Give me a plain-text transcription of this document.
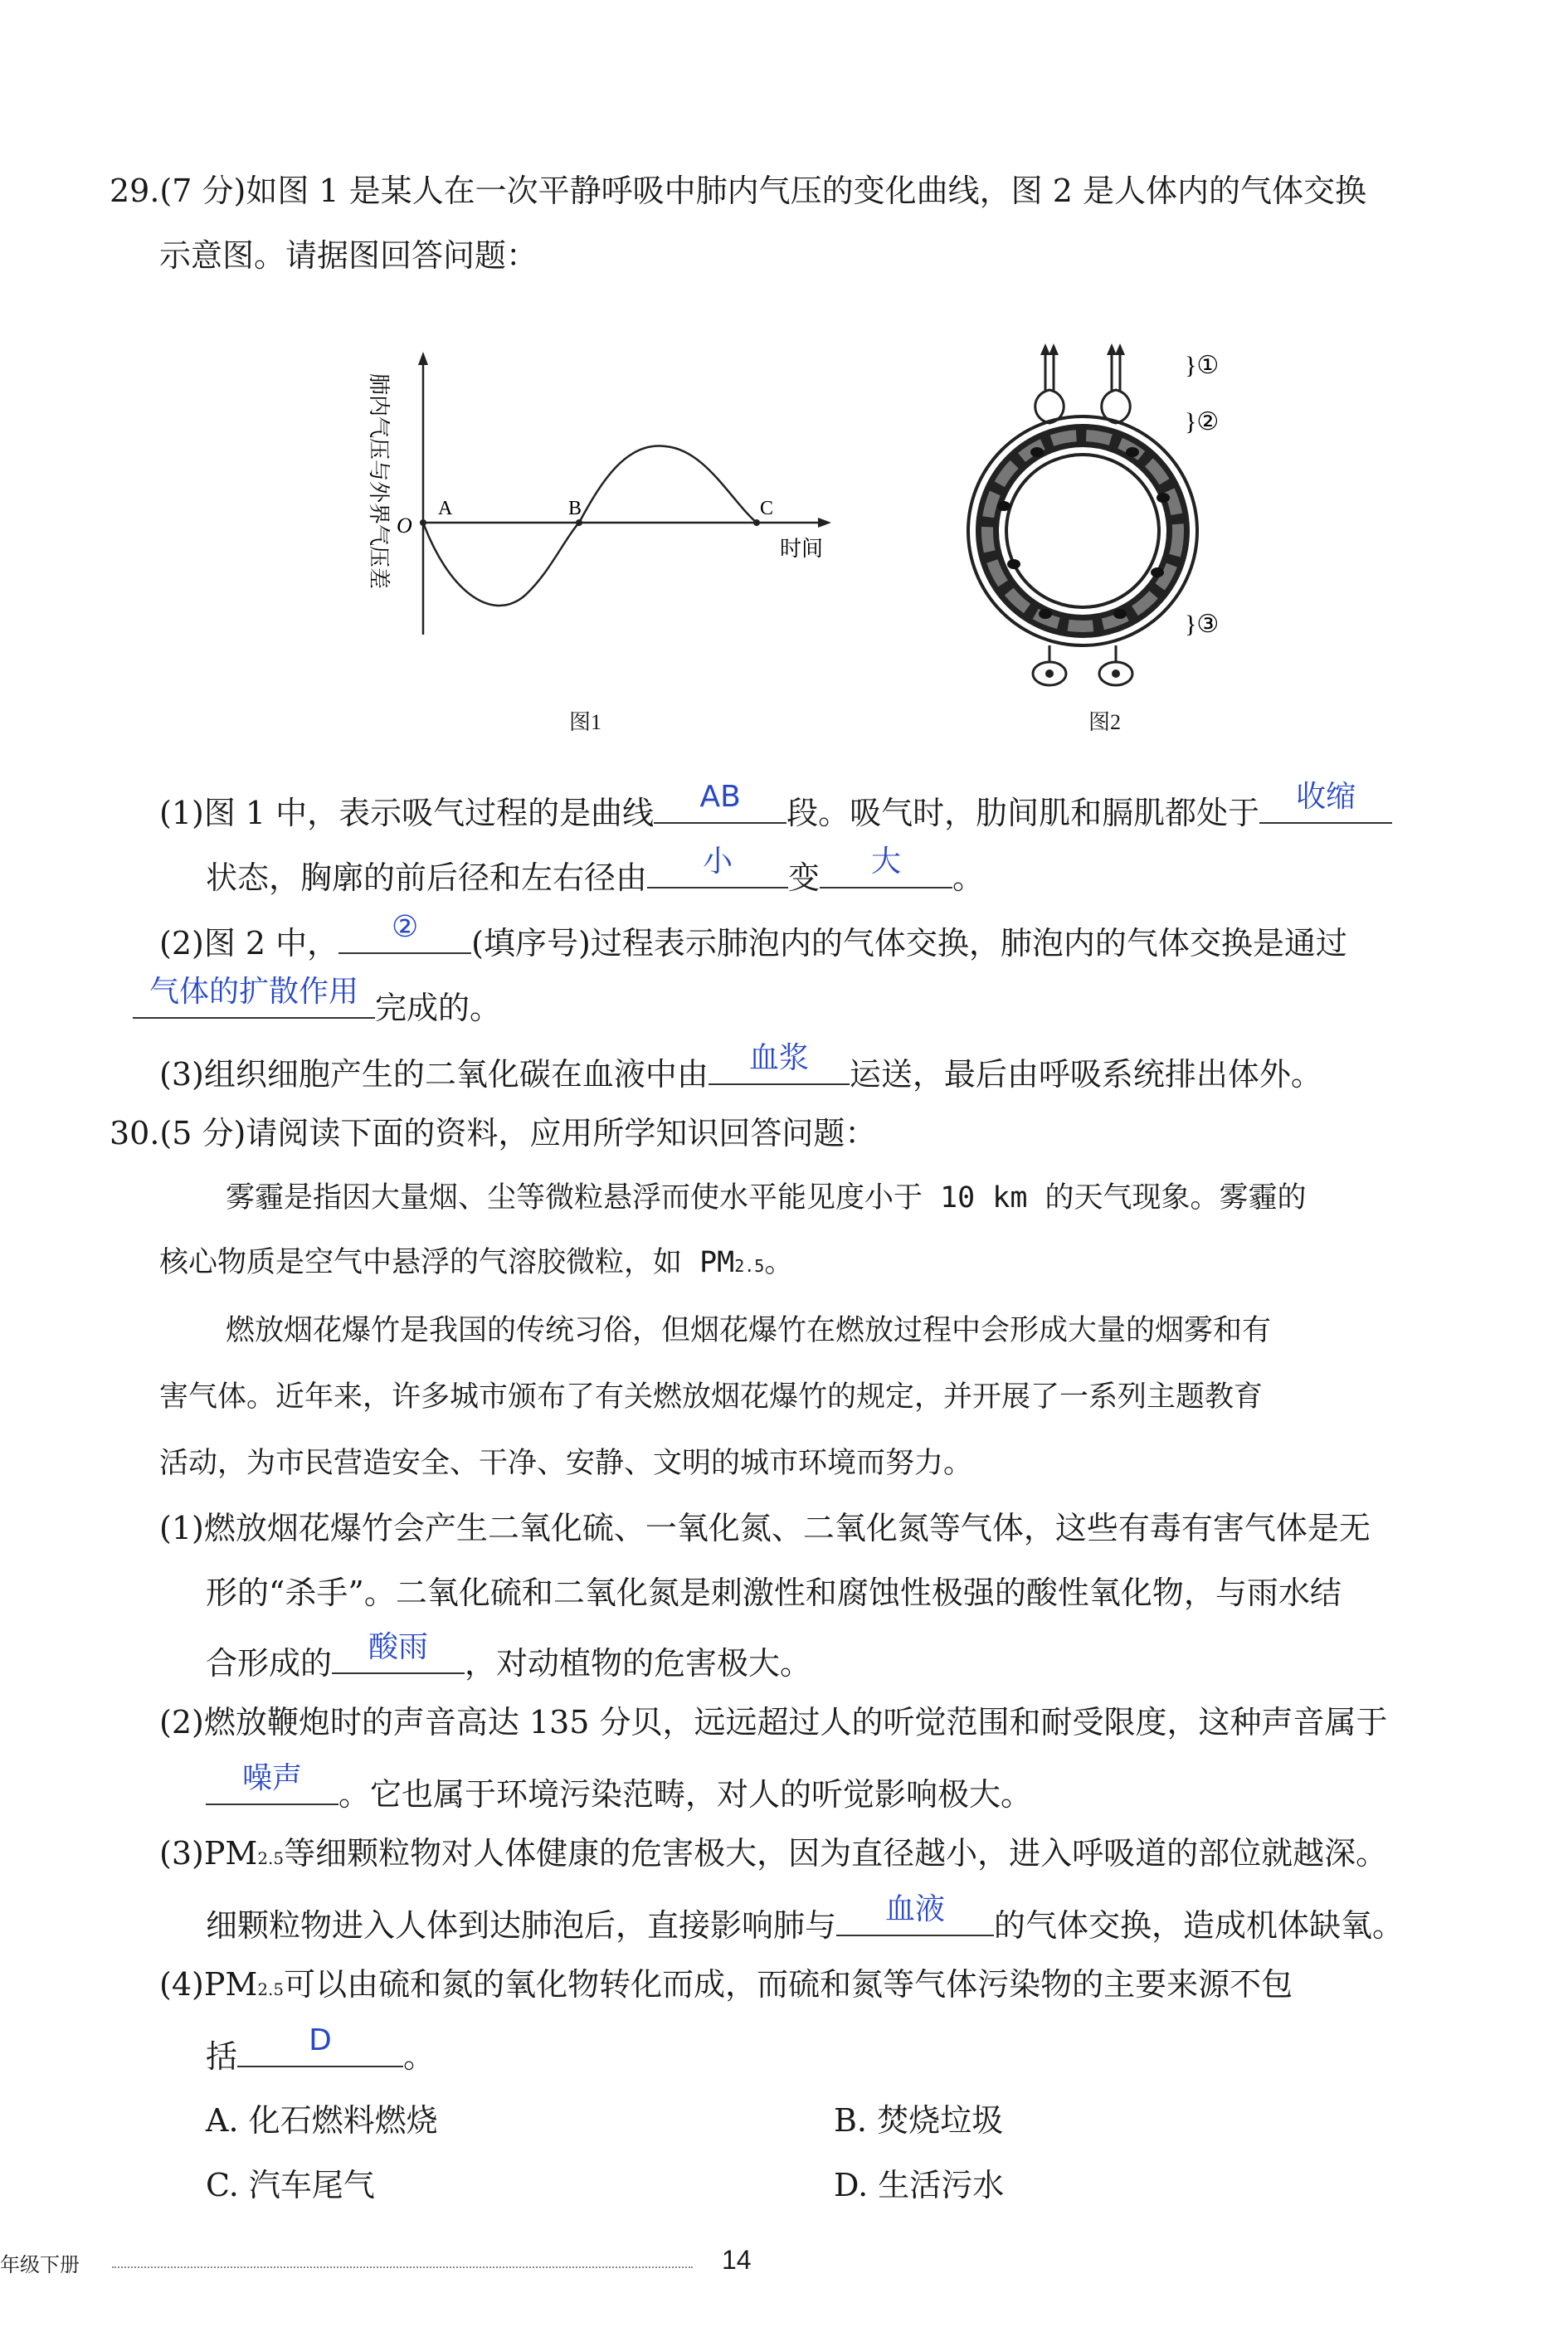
29.(7 分)如图 1 是某人在一次平静呼吸中肺内气压的变化曲线，图 2 是人体内的气体交换
示意图。请据图回答问题：
O
A	B	C
时间
肺内气压与外界气压差
图1
}①
}②
}③
图2
(1)图 1 中，表示吸气过程的是曲线	AB	段。吸气时，肋间肌和膈肌都处于	收缩
状态，胸廓的前后径和左右径由	小	变	大	。
(2)图 2 中，	②	(填序号)过程表示肺泡内的气体交换，肺泡内的气体交换是通过
气体的扩散作用 完成的。
(3)组织细胞产生的二氧化碳在血液中由	血浆	运送，最后由呼吸系统排出体外。
30.(5 分)请阅读下面的资料，应用所学知识回答问题：
雾霾是指因大量烟、尘等微粒悬浮而使水平能见度小于 10 km 的天气现象。雾霾的
核心物质是空气中悬浮的气溶胶微粒，如 PM2.5。
燃放烟花爆竹是我国的传统习俗，但烟花爆竹在燃放过程中会形成大量的烟雾和有
害气体。近年来，许多城市颁布了有关燃放烟花爆竹的规定，并开展了一系列主题教育
活动，为市民营造安全、干净、安静、文明的城市环境而努力。
(1)燃放烟花爆竹会产生二氧化硫、一氧化氮、二氧化氮等气体，这些有毒有害气体是无
形的“杀手”。二氧化硫和二氧化氮是刺激性和腐蚀性极强的酸性氧化物，与雨水结
合形成的	酸雨	，对动植物的危害极大。
(2)燃放鞭炮时的声音高达 135 分贝，远远超过人的听觉范围和耐受限度，这种声音属于
噪声	。它也属于环境污染范畴，对人的听觉影响极大。
(3)PM2.5等细颗粒物对人体健康的危害极大，因为直径越小，进入呼吸道的部位就越深。
细颗粒物进入人体到达肺泡后，直接影响肺与	血液	的气体交换，造成机体缺氧。
(4)PM2.5可以由硫和氮的氧化物转化而成，而硫和氮等气体污染物的主要来源不包
括	D	。
A. 化石燃料燃烧	B. 焚烧垃圾
C. 汽车尾气	D. 生活污水
年级下册	14
